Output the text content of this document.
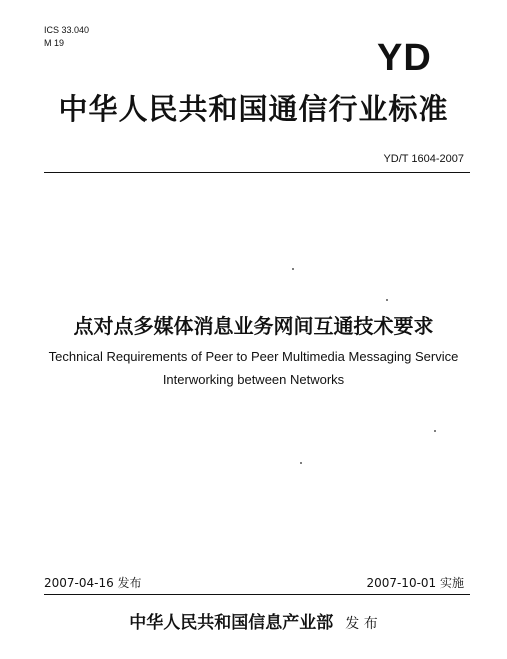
ICS 33.040
M 19	YD
中华人民共和国通信行业标准
YD/T 1604-2007
点对点多媒体消息业务网间互通技术要求
Technical Requirements of Peer to Peer Multimedia Messaging Service
Interworking between Networks
2007-04-16 发布	2007-10-01 实施
中华人民共和国信息产业部 发 布
